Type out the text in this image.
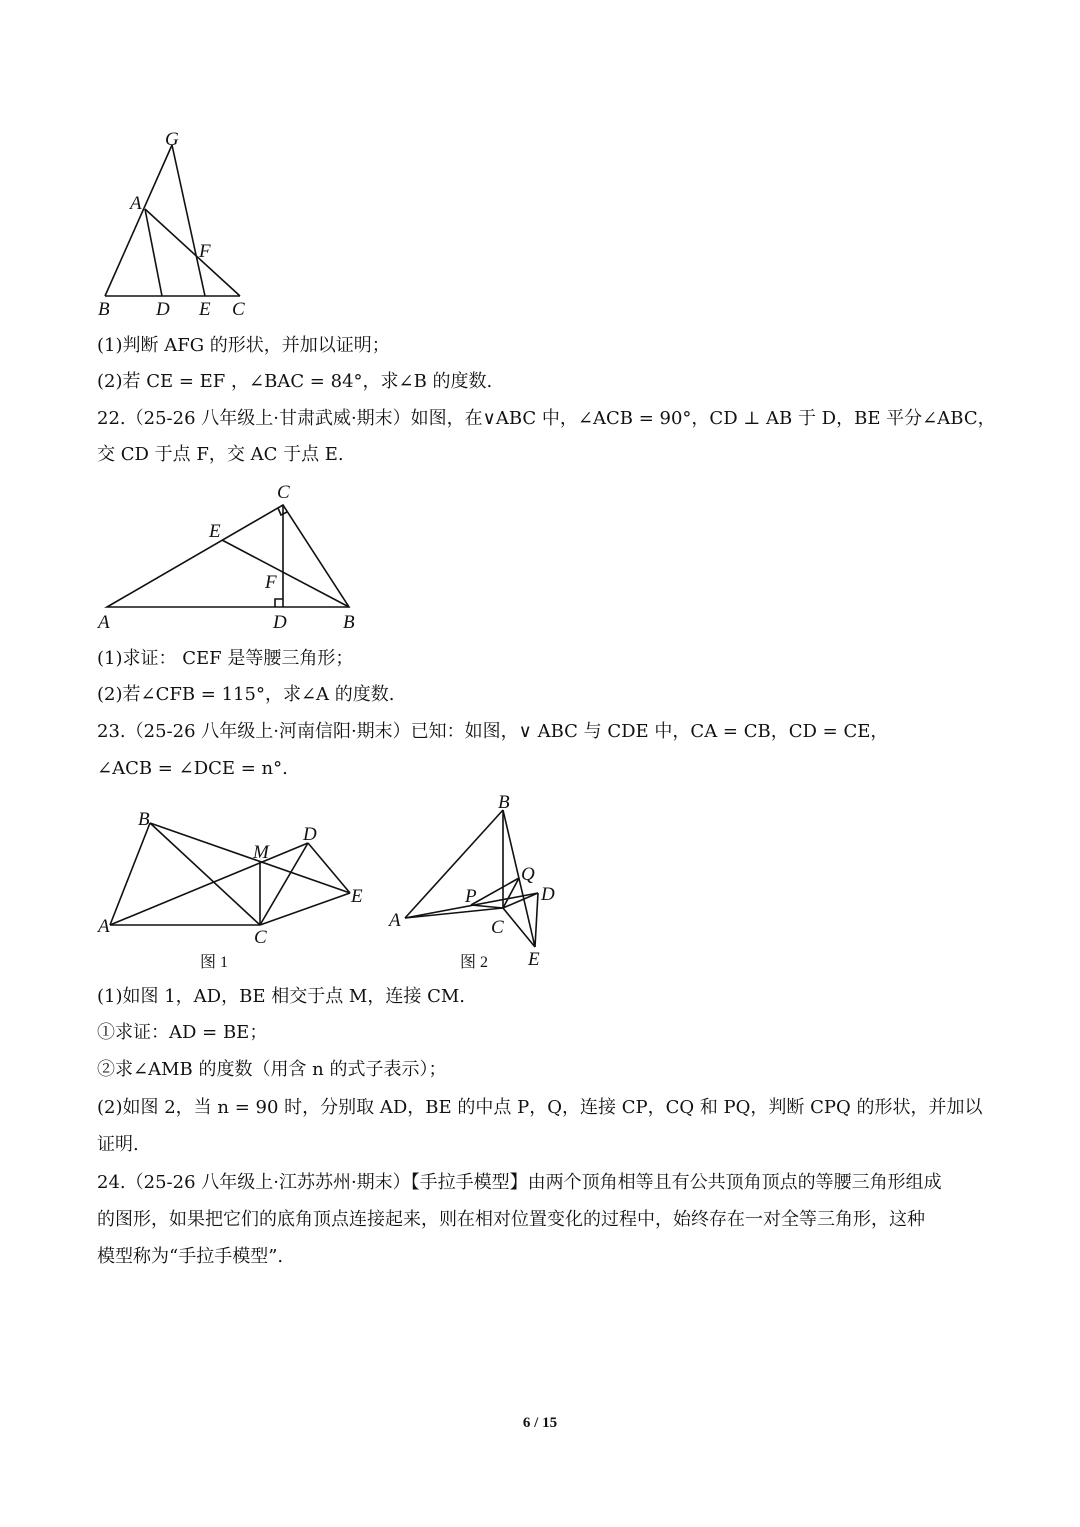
G
A
F
B D E C
(1)判断 AFG 的形状，并加以证明；
(2)若 CE = EF ，∠BAC = 84°，求∠B 的度数.
22.（25-26 八年级上·甘肃武威·期末）如图，在∨ABC 中，∠ACB = 90°，CD ⊥ AB 于 D，BE 平分∠ABC，
交 CD 于点 F，交 AC 于点 E.
C
E
F
A	D	B
(1)求证： CEF 是等腰三角形；
(2)若∠CFB = 115°，求∠A 的度数.
23.（25-26 八年级上·河南信阳·期末）已知：如图，∨ ABC 与 CDE 中，CA = CB，CD = CE，
∠ACB = ∠DCE = n°.
B
M
D
E
A
C
图 1
B
Q
P	D
A	C
E
图 2
(1)如图 1，AD，BE 相交于点 M，连接 CM.
①求证：AD = BE；
②求∠AMB 的度数（用含 n 的式子表示）；
(2)如图 2，当 n = 90 时，分别取 AD，BE 的中点 P，Q，连接 CP，CQ 和 PQ，判断 CPQ 的形状，并加以
证明.
24.（25-26 八年级上·江苏苏州·期末）【手拉手模型】由两个顶角相等且有公共顶角顶点的等腰三角形组成
的图形，如果把它们的底角顶点连接起来，则在相对位置变化的过程中，始终存在一对全等三角形，这种
模型称为“手拉手模型”.
6 / 15
